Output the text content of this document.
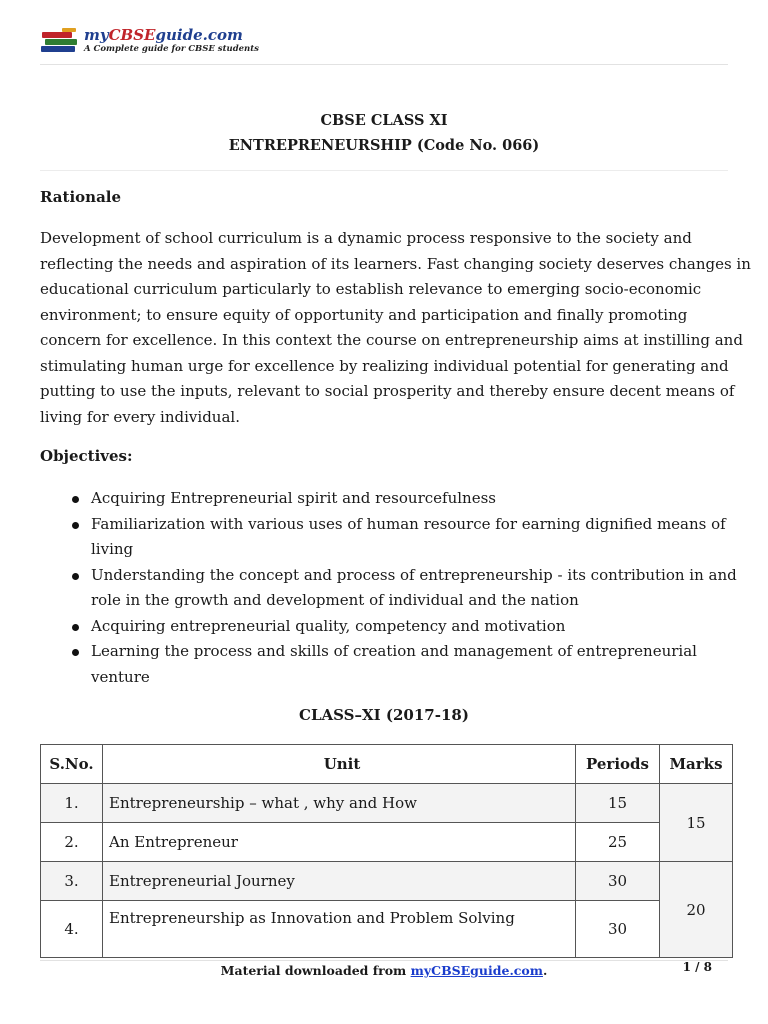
myCBSEguide.com
A Complete guide for CBSE students
CBSE CLASS XI
ENTREPRENEURSHIP (Code No. 066)
Rationale
Development of school curriculum is a dynamic process responsive to the society and
reflecting the needs and aspiration of its learners. Fast changing society deserves changes in
educational curriculum particularly to establish relevance to emerging socio-economic
environment; to ensure equity of opportunity and participation and finally promoting
concern for excellence. In this context the course on entrepreneurship aims at instilling and
stimulating human urge for excellence by realizing individual potential for generating and
putting to use the inputs, relevant to social prosperity and thereby ensure decent means of
living for every individual.
Objectives:
Acquiring Entrepreneurial spirit and resourcefulness
Familiarization with various uses of human resource for earning dignified means of
living
Understanding the concept and process of entrepreneurship - its contribution in and
role in the growth and development of individual and the nation
Acquiring entrepreneurial quality, competency and motivation
Learning the process and skills of creation and management of entrepreneurial
venture
CLASS–XI (2017-18)
S.No.	Unit	Periods	Marks
1.	Entrepreneurship – what , why and How	15	15
2.	An Entrepreneur	25	
3.	Entrepreneurial Journey	30	20
4.	Entrepreneurship as Innovation and Problem Solving	30	
Material downloaded from myCBSEguide.com.	1 / 8
